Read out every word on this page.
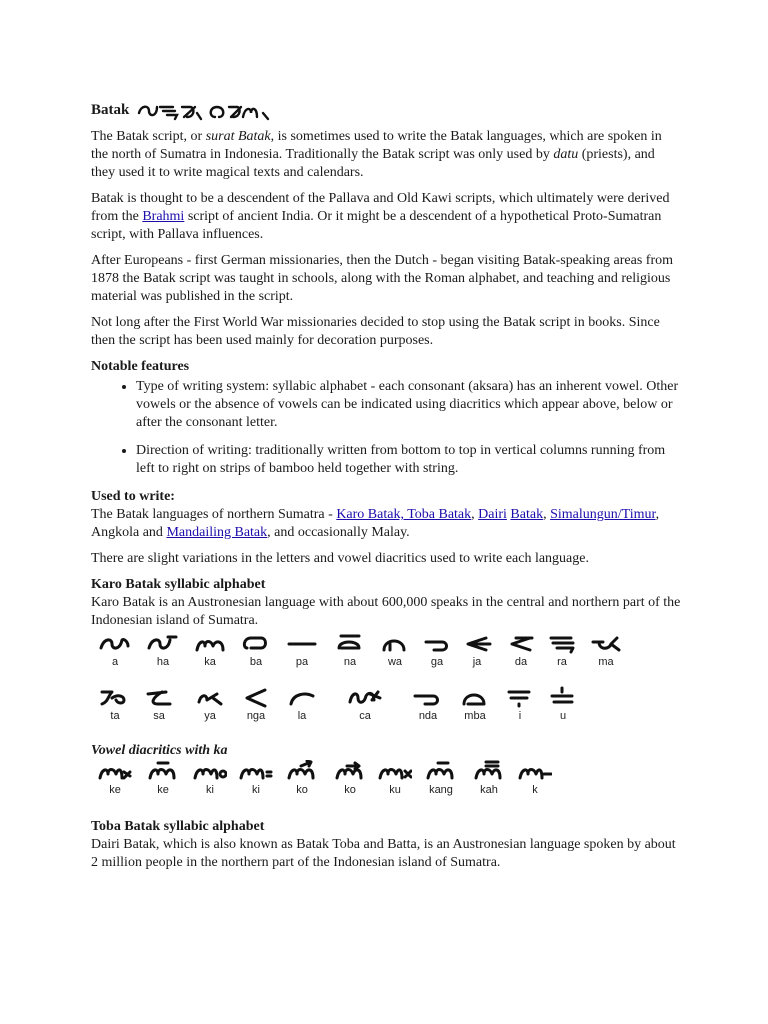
Batak

The Batak script, or surat Batak, is sometimes used to write the Batak languages, which are spoken in the north of Sumatra in Indonesia. Traditionally the Batak script was only used by datu (priests), and they used it to write magical texts and calendars.

Batak is thought to be a descendent of the Pallava and Old Kawi scripts, which ultimately were derived from the Brahmi script of ancient India. Or it might be a descendent of a hypothetical Proto-Sumatran script, with Pallava influences.

After Europeans - first German missionaries, then the Dutch - began visiting Batak-speaking areas from 1878 the Batak script was taught in schools, along with the Roman alphabet, and teaching and religious material was published in the script.

Not long after the First World War missionaries decided to stop using the Batak script in books. Since then the script has been used mainly for decoration purposes.

Notable features
• Type of writing system: syllabic alphabet - each consonant (aksara) has an inherent vowel. Other vowels or the absence of vowels can be indicated using diacritics which appear above, below or after the consonant letter.
• Direction of writing: traditionally written from bottom to top in vertical columns running from left to right on strips of bamboo held together with string.
Used to write:

The Batak languages of northern Sumatra - Karo Batak, Toba Batak, Dairi Batak, Simalungun/Timur, Angkola and Mandailing Batak, and occasionally Malay.

There are slight variations in the letters and vowel diacritics used to write each language.

Karo Batak syllabic alphabet

Karo Batak is an Austronesian language with about 600,000 speaks in the central and northern part of the Indonesian island of Sumatra.

a	ha	ka	ba	pa	na	wa	ga	ja	da	ra	ma
ta	sa	ya	nga	la	ca	nda	mba	i	u
Vowel diacritics with ka
ke	ke	ki	ki	ko	ko	ku	kang	kah	k
Toba Batak syllabic alphabet

Dairi Batak, which is also known as Batak Toba and Batta, is an Austronesian language spoken by about 2 million people in the northern part of the Indonesian island of Sumatra.
